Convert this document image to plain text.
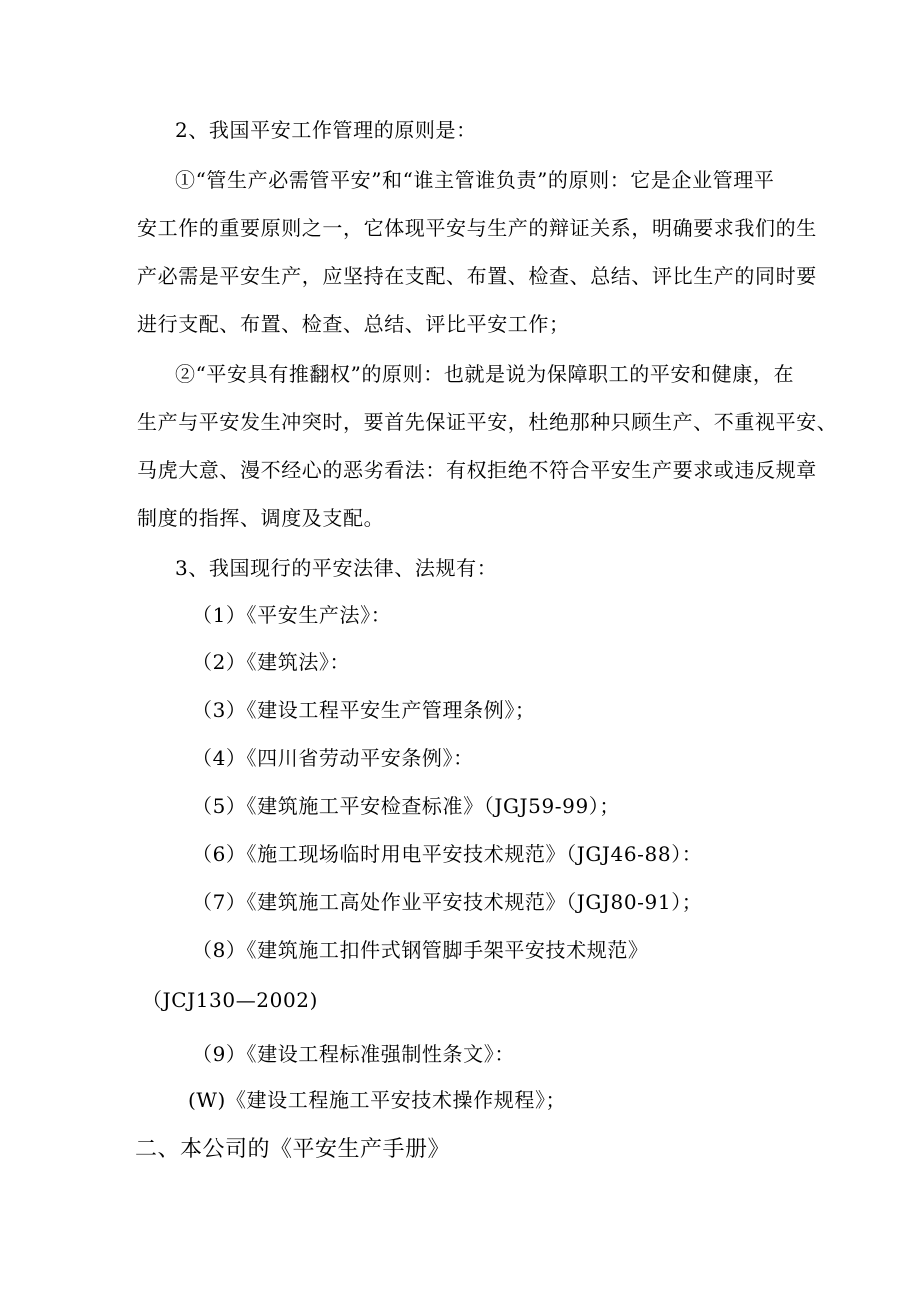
2、我国平安工作管理的原则是：
①“管生产必需管平安”和“谁主管谁负责”的原则：它是企业管理平
安工作的重要原则之一，它体现平安与生产的辩证关系，明确要求我们的生
产必需是平安生产，应坚持在支配、布置、检查、总结、评比生产的同时要
进行支配、布置、检查、总结、评比平安工作；
②“平安具有推翻权”的原则：也就是说为保障职工的平安和健康，在
生产与平安发生冲突时，要首先保证平安，杜绝那种只顾生产、不重视平安、
马虎大意、漫不经心的恶劣看法：有权拒绝不符合平安生产要求或违反规章
制度的指挥、调度及支配。
3、我国现行的平安法律、法规有：
（1）《平安生产法》：
（2）《建筑法》：
（3）《建设工程平安生产管理条例》；
（4）《四川省劳动平安条例》：
（5）《建筑施工平安检查标准》（JGJ59-99）；
（6）《施工现场临时用电平安技术规范》（JGJ46-88）：
（7）《建筑施工高处作业平安技术规范》（JGJ80-91）；
（8）《建筑施工扣件式钢管脚手架平安技术规范》
（JCJ130—2002)
（9）《建设工程标准强制性条文》：
(W)《建设工程施工平安技术操作规程》；
二、本公司的《平安生产手册》
